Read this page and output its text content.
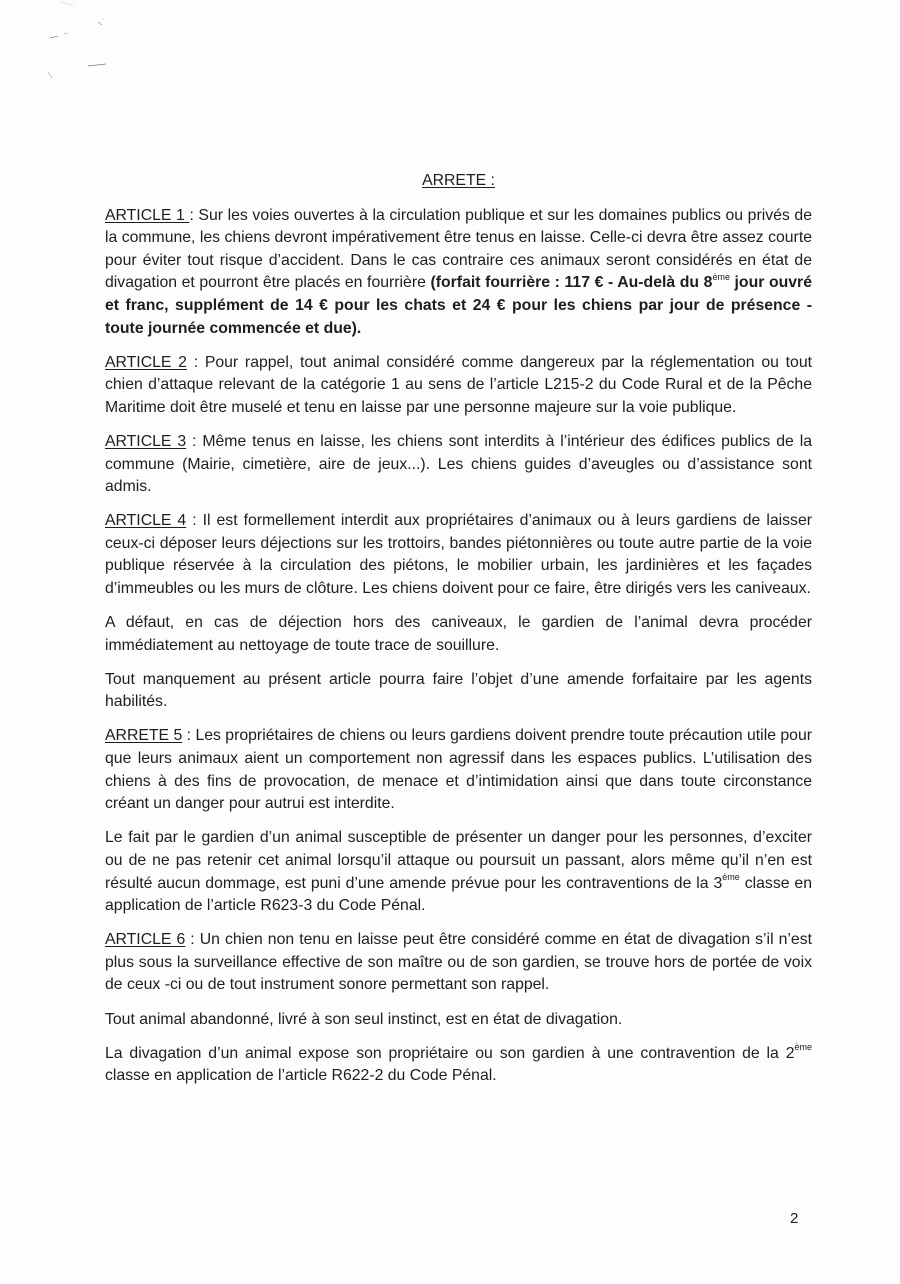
ARRETE :

ARTICLE 1 : Sur les voies ouvertes à la circulation publique et sur les domaines publics ou privés de la commune, les chiens devront impérativement être tenus en laisse. Celle-ci devra être assez courte pour éviter tout risque d’accident. Dans le cas contraire ces animaux seront considérés en état de divagation et pourront être placés en fourrière (forfait fourrière : 117 € - Au-delà du 8ème jour ouvré et franc, supplément de 14 € pour les chats et 24 € pour les chiens par jour de présence - toute journée commencée et due).

ARTICLE 2 : Pour rappel, tout animal considéré comme dangereux par la réglementation ou tout chien d’attaque relevant de la catégorie 1 au sens de l’article L215-2 du Code Rural et de la Pêche Maritime doit être muselé et tenu en laisse par une personne majeure sur la voie publique.

ARTICLE 3 : Même tenus en laisse, les chiens sont interdits à l’intérieur des édifices publics de la commune (Mairie, cimetière, aire de jeux...). Les chiens guides d’aveugles ou d’assistance sont admis.

ARTICLE 4 : Il est formellement interdit aux propriétaires d’animaux ou à leurs gardiens de laisser ceux-ci déposer leurs déjections sur les trottoirs, bandes piétonnières ou toute autre partie de la voie publique réservée à la circulation des piétons, le mobilier urbain, les jardinières et les façades d’immeubles ou les murs de clôture. Les chiens doivent pour ce faire, être dirigés vers les caniveaux.

A défaut, en cas de déjection hors des caniveaux, le gardien de l’animal devra procéder immédiatement au nettoyage de toute trace de souillure.

Tout manquement au présent article pourra faire l’objet d’une amende forfaitaire par les agents habilités.

ARRETE 5 : Les propriétaires de chiens ou leurs gardiens doivent prendre toute précaution utile pour que leurs animaux aient un comportement non agressif dans les espaces publics. L’utilisation des chiens à des fins de provocation, de menace et d’intimidation ainsi que dans toute circonstance créant un danger pour autrui est interdite.

Le fait par le gardien d’un animal susceptible de présenter un danger pour les personnes, d’exciter ou de ne pas retenir cet animal lorsqu’il attaque ou poursuit un passant, alors même qu’il n’en est résulté aucun dommage, est puni d’une amende prévue pour les contraventions de la 3ème classe en application de l’article R623-3 du Code Pénal.

ARTICLE 6 : Un chien non tenu en laisse peut être considéré comme en état de divagation s’il n’est plus sous la surveillance effective de son maître ou de son gardien, se trouve hors de portée de voix de ceux -ci ou de tout instrument sonore permettant son rappel.

Tout animal abandonné, livré à son seul instinct, est en état de divagation.

La divagation d’un animal expose son propriétaire ou son gardien à une contravention de la 2ème classe en application de l’article R622-2 du Code Pénal.

2
